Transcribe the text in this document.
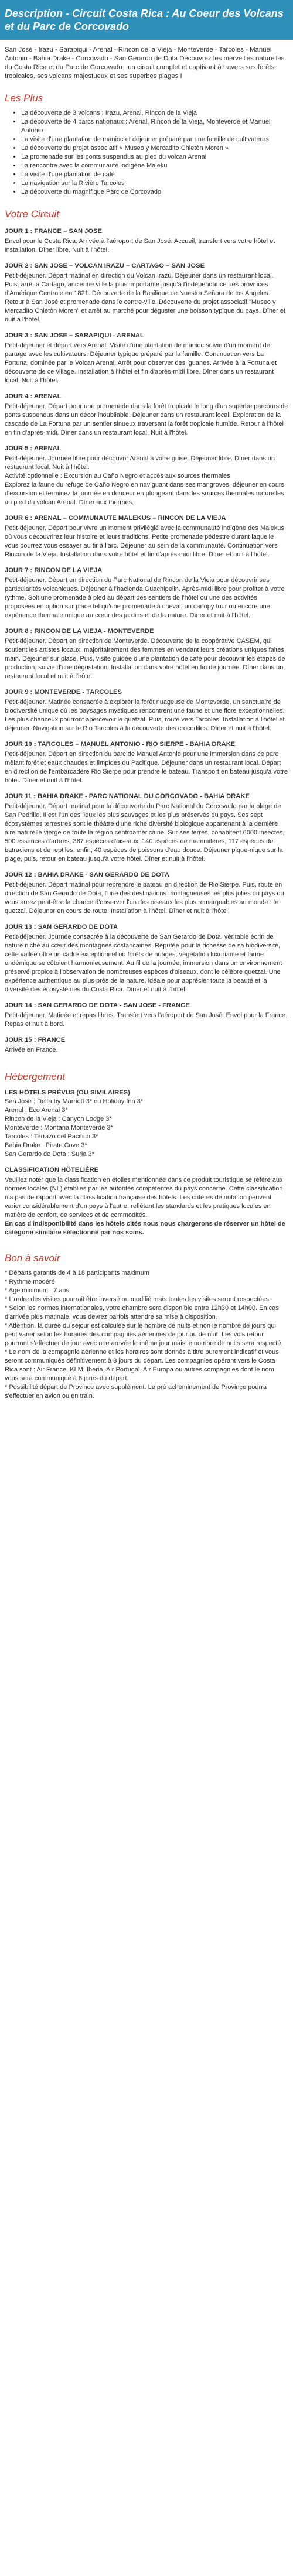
Description - Circuit Costa Rica : Au Coeur des Volcans et du Parc de Corcovado

San José - Irazu - Sarapiqui - Arenal - Rincon de la Vieja - Monteverde - Tarcoles - Manuel Antonio - Bahia Drake - Corcovado - San Gerardo de Dota Découvrez les merveilles naturelles du Costa Rica et du Parc de Corcovado : un circuit complet et captivant à travers ses forêts tropicales, ses volcans majestueux et ses superbes plages !

Les Plus
• La découverte de 3 volcans : Irazu, Arenal, Rincon de la Vieja
• La découverte de 4 parcs nationaux : Arenal, Rincon de la Vieja, Monteverde et Manuel Antonio
• La visite d'une plantation de manioc et déjeuner préparé par une famille de cultivateurs
• La découverte du projet associatif « Museo y Mercadito Chietòn Moren »
• La promenade sur les ponts suspendus au pied du volcan Arenal
• La rencontre avec la communauté indigène Maleku
• La visite d'une plantation de café
• La navigation sur la Rivière Tarcoles
• La découverte du magnifique Parc de Corcovado
Votre Circuit
JOUR 1 : FRANCE – SAN JOSE
Envol pour le Costa Rica. Arrivée à l'aéroport de San José. Accueil, transfert vers votre hôtel et installation. Dîner libre. Nuit à l'hôtel.
JOUR 2 : SAN JOSE – VOLCAN IRAZU – CARTAGO – SAN JOSE
Petit-déjeuner. Départ matinal en direction du Volcan Irazù. Déjeuner dans un restaurant local. Puis, arrêt à Cartago, ancienne ville la plus importante jusqu'à l'indépendance des provinces d'Amérique Centrale en 1821. Découverte de la Basilique de Nuestra Señora de los Angeles. Retour à San José et promenade dans le centre-ville. Découverte du projet associatif "Museo y Mercadito Chietòn Moren" et arrêt au marché pour déguster une boisson typique du pays. Dîner et nuit à l'hôtel.
JOUR 3 : SAN JOSE – SARAPIQUI - ARENAL
Petit-déjeuner et départ vers Arenal. Visite d'une plantation de manioc suivie d'un moment de partage avec les cultivateurs. Déjeuner typique préparé par la famille. Continuation vers La Fortuna, dominée par le Volcan Arenal. Arrêt pour observer des iguanes. Arrivée à la Fortuna et découverte de ce village. Installation à l'hôtel et fin d'après-midi libre. Dîner dans un restaurant local. Nuit à l'hôtel.
JOUR 4 : ARENAL
Petit-déjeuner. Départ pour une promenade dans la forêt tropicale le long d'un superbe parcours de ponts suspendus dans un décor inoubliable. Déjeuner dans un restaurant local. Exploration de la cascade de La Fortuna par un sentier sinueux traversant la forêt tropicale humide. Retour à l'hôtel en fin d'après-midi. Dîner dans un restaurant local. Nuit à l'hôtel.
JOUR 5 : ARENAL
Petit-déjeuner. Journée libre pour découvrir Arenal à votre guise. Déjeuner libre. Dîner dans un restaurant local. Nuit à l'hôtel.
Activité optionnelle : Excursion au Caño Negro et accès aux sources thermales
Explorez la faune du refuge de Caño Negro en naviguant dans ses mangroves, déjeuner en cours d'excursion et terminez la journée en douceur en plongeant dans les sources thermales naturelles au pied du volcan Arenal. Dîner aux thermes.
JOUR 6 : ARENAL – COMMUNAUTE MALEKUS – RINCON DE LA VIEJA
Petit-déjeuner. Départ pour vivre un moment privilégié avec la communauté indigène des Malekus où vous découvrirez leur histoire et leurs traditions. Petite promenade pédestre durant laquelle vous pourrez vous essayer au tir à l'arc. Déjeuner au sein de la communauté. Continuation vers Rincon de la Vieja. Installation dans votre hôtel et fin d'après-midi libre. Dîner et nuit à l'hôtel.
JOUR 7 : RINCON DE LA VIEJA
Petit-déjeuner. Départ en direction du Parc National de Rincon de la Vieja pour découvrir ses particularités volcaniques. Déjeuner à l'hacienda Guachipelin. Après-midi libre pour profiter à votre rythme. Soit une promenade à pied au départ des sentiers de l'hôtel ou une des activités proposées en option sur place tel qu'une promenade à cheval, un canopy tour ou encore une expérience thermale unique au cœur des jardins et de la nature. Dîner et nuit à l'hôtel.
JOUR 8 : RINCON DE LA VIEJA - MONTEVERDE
Petit-déjeuner. Départ en direction de Monteverde. Découverte de la coopérative CASEM, qui soutient les artistes locaux, majoritairement des femmes en vendant leurs créations uniques faites main. Déjeuner sur place. Puis, visite guidée d'une plantation de café pour découvrir les étapes de production, suivie d'une dégustation. Installation dans votre hôtel en fin de journée. Dîner dans un restaurant local et nuit à l'hôtel.
JOUR 9 : MONTEVERDE - TARCOLES
Petit-déjeuner. Matinée consacrée à explorer la forêt nuageuse de Monteverde, un sanctuaire de biodiversité unique où les paysages mystiques rencontrent une faune et une flore exceptionnelles. Les plus chanceux pourront apercevoir le quetzal. Puis, route vers Tarcoles. Installation à l'hôtel et déjeuner. Navigation sur le Rio Tarcoles à la découverte des crocodiles. Dîner et nuit à l'hôtel.
JOUR 10 : TARCOLES – MANUEL ANTONIO - RIO SIERPE - BAHIA DRAKE
Petit-déjeuner. Départ en direction du parc de Manuel Antonio pour une immersion dans ce parc mêlant forêt et eaux chaudes et limpides du Pacifique. Déjeuner dans un restaurant local. Départ en direction de l'embarcadère Rio Sierpe pour prendre le bateau. Transport en bateau jusqu'à votre hôtel. Dîner et nuit à l'hôtel.
JOUR 11 : BAHIA DRAKE - PARC NATIONAL DU CORCOVADO - BAHIA DRAKE
Petit-déjeuner. Départ matinal pour la découverte du Parc National du Corcovado par la plage de San Pedrillo. Il est l'un des lieux les plus sauvages et les plus préservés du pays. Ses sept écosystèmes terrestres sont le théâtre d'une riche diversité biologique appartenant à la dernière aire naturelle vierge de toute la région centroaméricaine. Sur ses terres, cohabitent 6000 insectes, 500 essences d'arbres, 367 espèces d'oiseaux, 140 espèces de mammifères, 117 espèces de batraciens et de reptiles, enfin, 40 espèces de poissons d'eau douce. Déjeuner pique-nique sur la plage, puis, retour en bateau jusqu'à votre hôtel. Dîner et nuit à l'hôtel.
JOUR 12 : BAHIA DRAKE - SAN GERARDO DE DOTA
Petit-déjeuner. Départ matinal pour reprendre le bateau en direction de Rio Sierpe. Puis, route en direction de San Gerardo de Dota, l'une des destinations montagneuses les plus jolies du pays où vous aurez peut-être la chance d'observer l'un des oiseaux les plus remarquables au monde : le quetzal. Déjeuner en cours de route. Installation à l'hôtel. Dîner et nuit à l'hôtel.
JOUR 13 : SAN GERARDO DE DOTA
Petit-déjeuner. Journée consacrée à la découverte de San Gerardo de Dota, véritable écrin de nature niché au cœur des montagnes costaricaines. Réputée pour la richesse de sa biodiversité, cette vallée offre un cadre exceptionnel où forêts de nuages, végétation luxuriante et faune endémique se côtoient harmonieusement. Au fil de la journée, immersion dans un environnement préservé propice à l'observation de nombreuses espèces d'oiseaux, dont le célèbre quetzal. Une expérience authentique au plus près de la nature, idéale pour apprécier toute la beauté et la diversité des écosystèmes du Costa Rica. Dîner et nuit à l'hôtel.
JOUR 14 : SAN GERARDO DE DOTA - SAN JOSE - FRANCE
Petit-déjeuner. Matinée et repas libres. Transfert vers l'aéroport de San José. Envol pour la France. Repas et nuit à bord.
JOUR 15 : FRANCE
Arrivée en France.
Hébergement
LES HÔTELS PRÉVUS (OU SIMILAIRES)
San José : Delta by Marriott 3* ou Holiday Inn 3*
Arenal : Eco Arenal 3*
Rincon de la Vieja : Canyon Lodge 3*
Monteverde : Montana Monteverde 3*
Tarcoles : Terrazo del Pacifico 3*
Bahia Drake : Pirate Cove 3*
San Gerardo de Dota : Suria 3*
CLASSIFICATION HÔTELIÈRE
Veuillez noter que la classification en étoiles mentionnée dans ce produit touristique se réfère aux normes locales (NL) établies par les autorités compétentes du pays concerné. Cette classification n'a pas de rapport avec la classification française des hôtels. Les critères de notation peuvent varier considérablement d'un pays à l'autre, reflétant les standards et les pratiques locales en matière de confort, de services et de commodités.
En cas d'indisponibilité dans les hôtels cités nous nous chargerons de réserver un hôtel de catégorie similaire sélectionné par nos soins.
Bon à savoir
* Départs garantis de 4 à 18 participants maximum
* Rythme modéré
* Age minimum : 7 ans
* L'ordre des visites pourrait être inversé ou modifié mais toutes les visites seront respectées.
* Selon les normes internationales, votre chambre sera disponible entre 12h30 et 14h00. En cas d'arrivée plus matinale, vous devrez parfois attendre sa mise à disposition.
* Attention, la durée du séjour est calculée sur le nombre de nuits et non le nombre de jours qui peut varier selon les horaires des compagnies aériennes de jour ou de nuit. Les vols retour pourront s'effectuer de jour avec une arrivée le même jour mais le nombre de nuits sera respecté.
* Le nom de la compagnie aérienne et les horaires sont donnés à titre purement indicatif et vous seront communiqués définitivement à 8 jours du départ. Les compagnies opérant vers le Costa Rica sont : Air France, KLM, Iberia, Air Portugal, Air Europa ou autres compagnies dont le nom vous sera communiqué à 8 jours du départ.
* Possibilité départ de Province avec supplément. Le pré acheminement de Province pourra s'effectuer en avion ou en train.
